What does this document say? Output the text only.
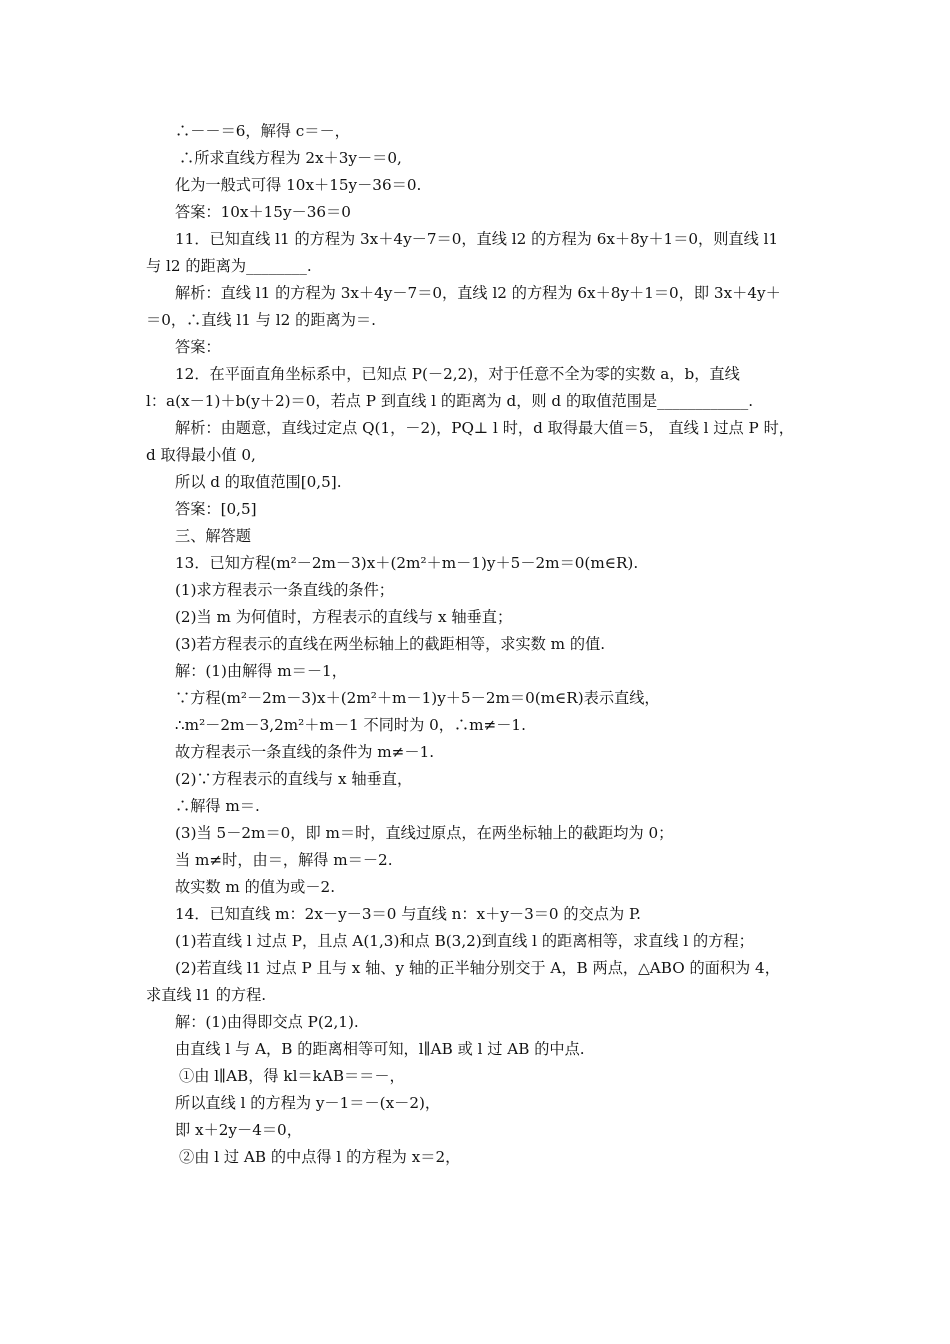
∴－－＝6，解得 c＝－，
∴所求直线方程为 2x＋3y－＝0,
化为一般式可得 10x＋15y－36＝0.
答案：10x＋15y－36＝0
11．已知直线 l1 的方程为 3x＋4y－7＝0，直线 l2 的方程为 6x＋8y＋1＝0，则直线 l1
与 l2 的距离为________.
解析：直线 l1 的方程为 3x＋4y－7＝0，直线 l2 的方程为 6x＋8y＋1＝0，即 3x＋4y＋
＝0，∴直线 l1 与 l2 的距离为＝.
答案：
12．在平面直角坐标系中，已知点 P(－2,2)，对于任意不全为零的实数 a，b，直线
l：a(x－1)＋b(y＋2)＝0，若点 P 到直线 l 的距离为 d，则 d 的取值范围是____________.
解析：由题意，直线过定点 Q(1，－2)，PQ⊥ l 时，d 取得最大值＝5， 直线 l 过点 P 时，
d 取得最小值 0,
所以 d 的取值范围[0,5].
答案：[0,5]
三、解答题
13．已知方程(m²－2m－3)x＋(2m²＋m－1)y＋5－2m＝0(m∈R).
(1)求方程表示一条直线的条件；
(2)当 m 为何值时，方程表示的直线与 x 轴垂直；
(3)若方程表示的直线在两坐标轴上的截距相等，求实数 m 的值.
解：(1)由解得 m＝－1，
∵方程(m²－2m－3)x＋(2m²＋m－1)y＋5－2m＝0(m∈R)表示直线，
∴m²－2m－3,2m²＋m－1 不同时为 0，∴m≠－1.
故方程表示一条直线的条件为 m≠－1.
(2)∵方程表示的直线与 x 轴垂直，
∴解得 m＝.
(3)当 5－2m＝0，即 m＝时，直线过原点，在两坐标轴上的截距均为 0；
当 m≠时，由＝，解得 m＝－2.
故实数 m 的值为或－2.
14．已知直线 m：2x－y－3＝0 与直线 n：x＋y－3＝0 的交点为 P.
(1)若直线 l 过点 P，且点 A(1,3)和点 B(3,2)到直线 l 的距离相等，求直线 l 的方程；
(2)若直线 l1 过点 P 且与 x 轴、y 轴的正半轴分别交于 A，B 两点，△ABO 的面积为 4，
求直线 l1 的方程.
解：(1)由得即交点 P(2,1).
由直线 l 与 A，B 的距离相等可知，l∥AB 或 l 过 AB 的中点.
①由 l∥AB，得 kl＝kAB＝＝－，
所以直线 l 的方程为 y－1＝－(x－2)，
即 x＋2y－4＝0，
②由 l 过 AB 的中点得 l 的方程为 x＝2，
